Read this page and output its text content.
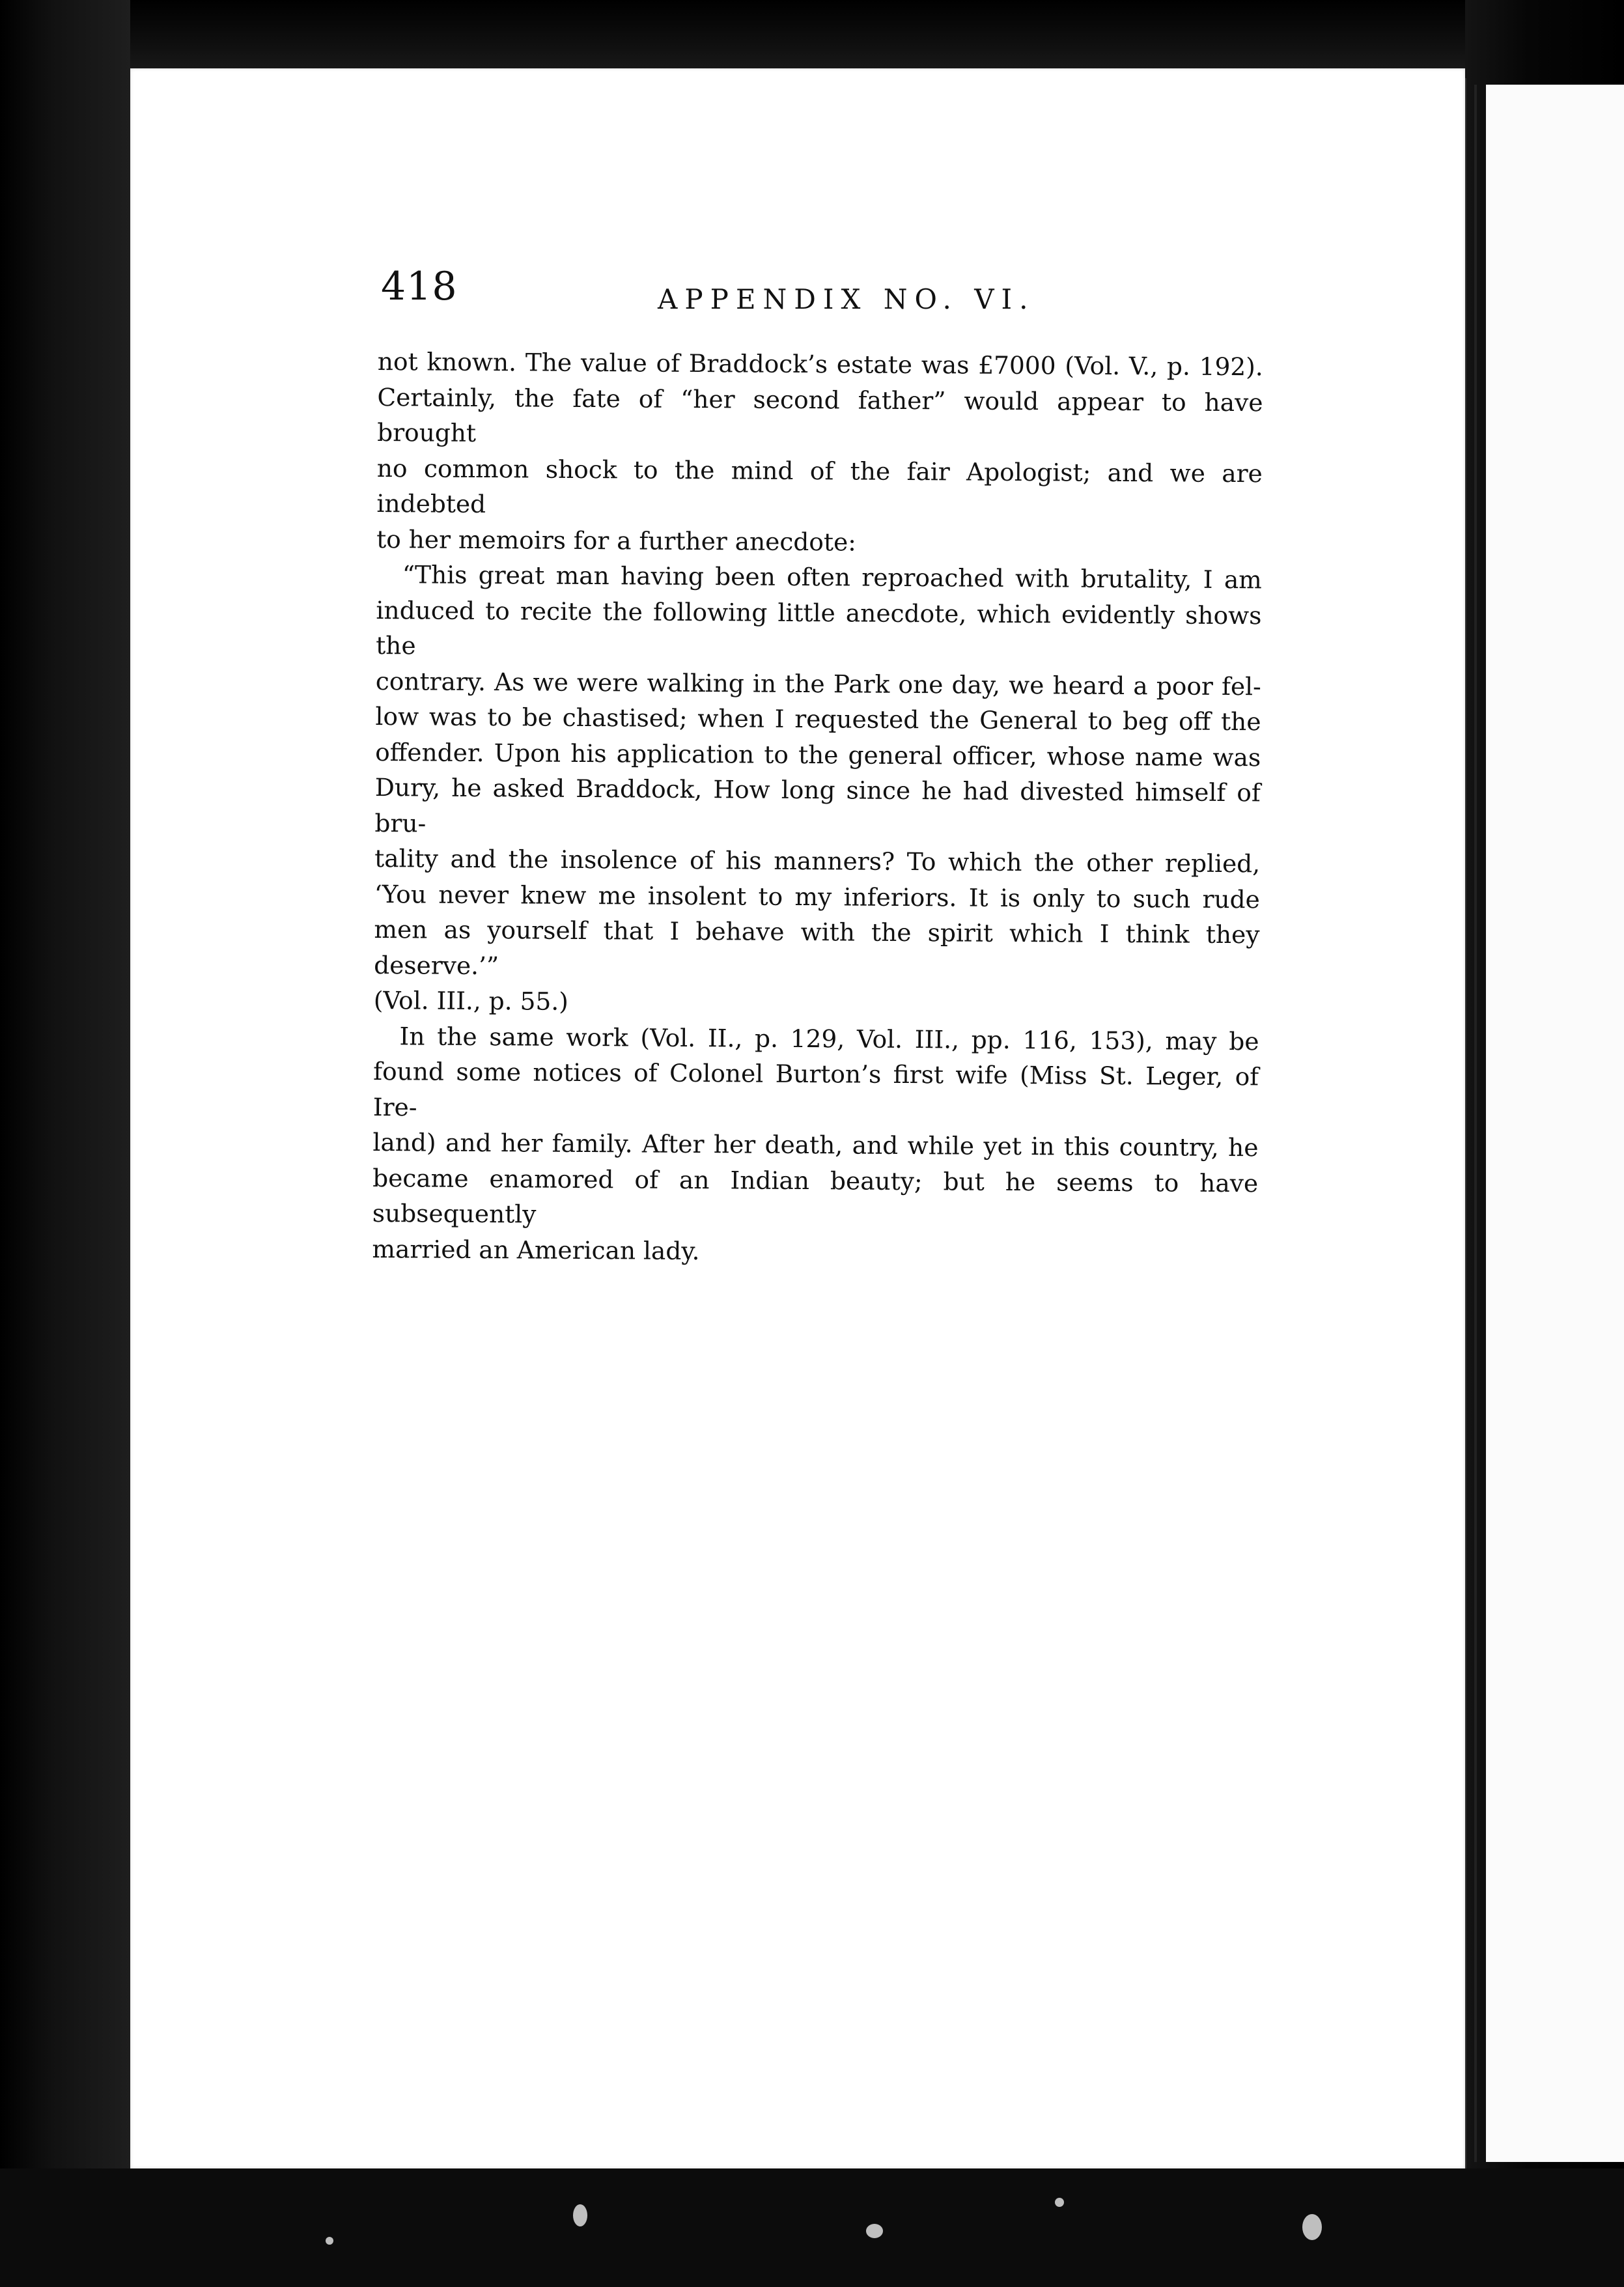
418	APPENDIX NO. VI.

not known. The value of Braddock’s estate was £7000 (Vol. V., p. 192).

Certainly, the fate of “her second father” would appear to have brought

no common shock to the mind of the fair Apologist; and we are indebted

to her memoirs for a further anecdote:

“This great man having been often reproached with brutality, I am

induced to recite the following little anecdote, which evidently shows the

contrary. As we were walking in the Park one day, we heard a poor fel-

low was to be chastised; when I requested the General to beg off the

offender. Upon his application to the general officer, whose name was

Dury, he asked Braddock, How long since he had divested himself of bru-

tality and the insolence of his manners? To which the other replied,

‘You never knew me insolent to my inferiors. It is only to such rude

men as yourself that I behave with the spirit which I think they deserve.’”

(Vol. III., p. 55.)

In the same work (Vol. II., p. 129, Vol. III., pp. 116, 153), may be

found some notices of Colonel Burton’s first wife (Miss St. Leger, of Ire-

land) and her family. After her death, and while yet in this country, he

became enamored of an Indian beauty; but he seems to have subsequently

married an American lady.
